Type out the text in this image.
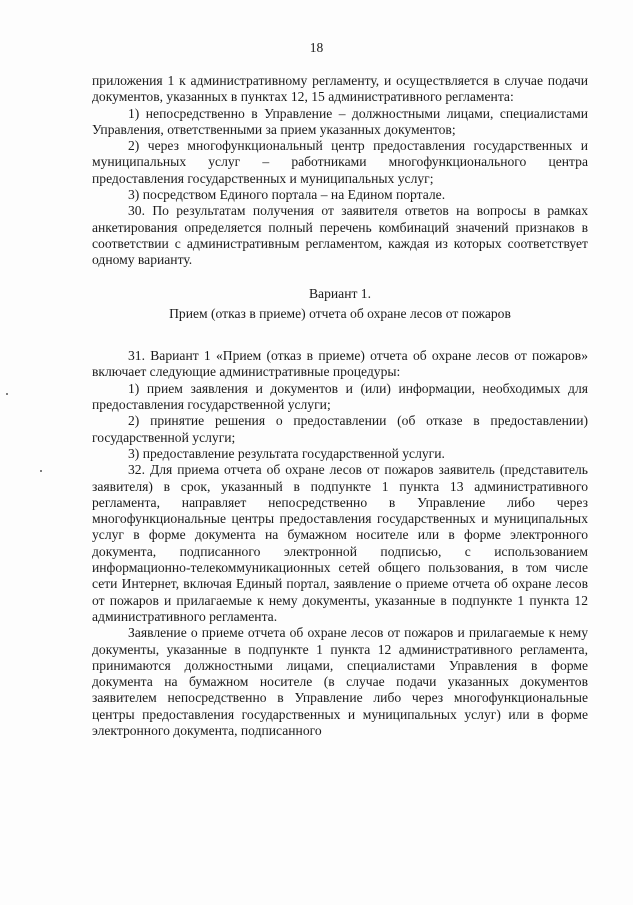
18

приложения 1 к административному регламенту, и осуществляется в случае подачи документов, указанных в пунктах 12, 15 административного регламента:

1) непосредственно в Управление – должностными лицами, специалистами Управления, ответственными за прием указанных документов;

2) через многофункциональный центр предоставления государственных и муниципальных услуг – работниками многофункционального центра предоставления государственных и муниципальных услуг;

3) посредством Единого портала – на Едином портале.

30. По результатам получения от заявителя ответов на вопросы в рамках анкетирования определяется полный перечень комбинаций значений признаков в соответствии с административным регламентом, каждая из которых соответствует одному варианту.

Вариант 1.

Прием (отказ в приеме) отчета об охране лесов от пожаров

31. Вариант 1 «Прием (отказ в приеме) отчета об охране лесов от пожаров» включает следующие административные процедуры:

1) прием заявления и документов и (или) информации, необходимых для предоставления государственной услуги;

2) принятие решения о предоставлении (об отказе в предоставлении) государственной услуги;

3) предоставление результата государственной услуги.

32. Для приема отчета об охране лесов от пожаров заявитель (представитель заявителя) в срок, указанный в подпункте 1 пункта 13 административного регламента, направляет непосредственно в Управление либо через многофункциональные центры предоставления государственных и муниципальных услуг в форме документа на бумажном носителе или в форме электронного документа, подписанного электронной подписью, с использованием информационно-телекоммуникационных сетей общего пользования, в том числе сети Интернет, включая Единый портал, заявление о приеме отчета об охране лесов от пожаров и прилагаемые к нему документы, указанные в подпункте 1 пункта 12 административного регламента.

Заявление о приеме отчета об охране лесов от пожаров и прилагаемые к нему документы, указанные в подпункте 1 пункта 12 административного регламента, принимаются должностными лицами, специалистами Управления в форме документа на бумажном носителе (в случае подачи указанных документов заявителем непосредственно в Управление либо через многофункциональные центры предоставления государственных и муниципальных услуг) или в форме электронного документа, подписанного
